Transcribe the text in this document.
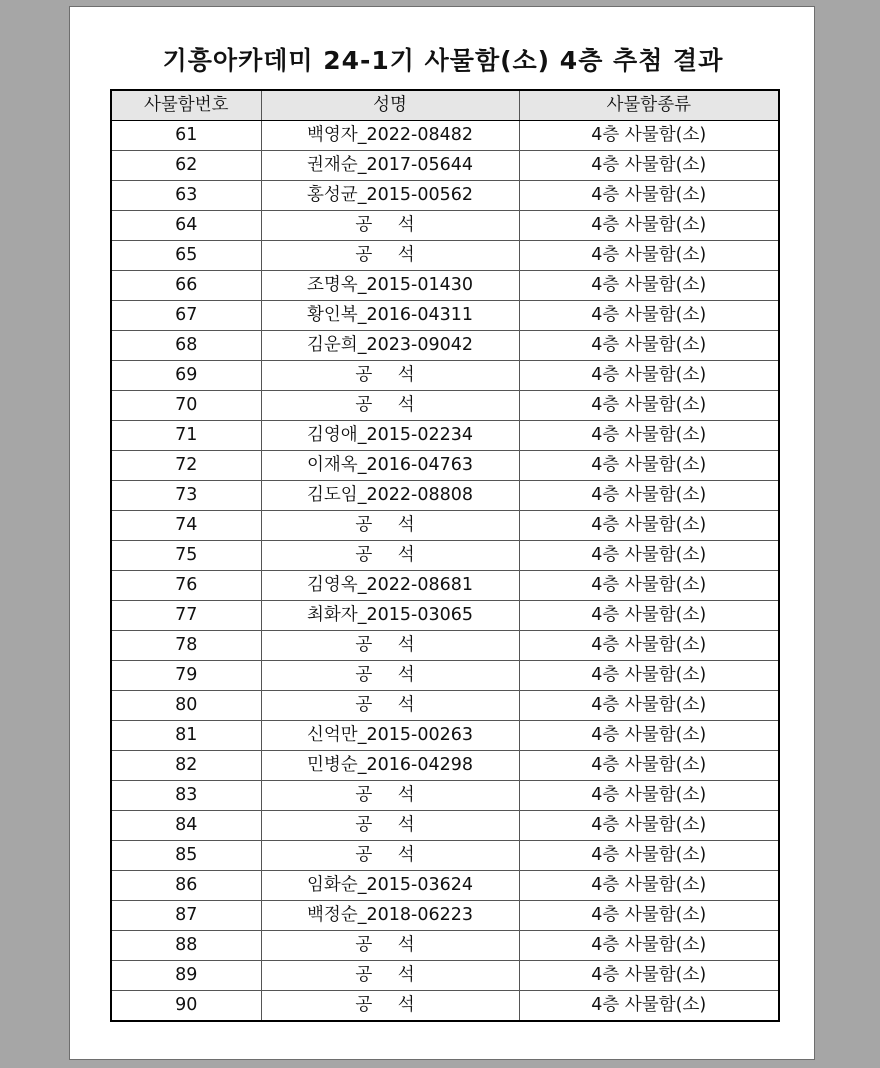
기흥아카데미 24-1기 사물함(소) 4층 추첨 결과
사물함번호	성명	사물함종류
61	백영자_2022-08482	4층 사물함(소)
62	권재순_2017-05644	4층 사물함(소)
63	홍성균_2015-00562	4층 사물함(소)
64	공 석	4층 사물함(소)
65	공 석	4층 사물함(소)
66	조명옥_2015-01430	4층 사물함(소)
67	황인복_2016-04311	4층 사물함(소)
68	김운희_2023-09042	4층 사물함(소)
69	공 석	4층 사물함(소)
70	공 석	4층 사물함(소)
71	김영애_2015-02234	4층 사물함(소)
72	이재옥_2016-04763	4층 사물함(소)
73	김도임_2022-08808	4층 사물함(소)
74	공 석	4층 사물함(소)
75	공 석	4층 사물함(소)
76	김영옥_2022-08681	4층 사물함(소)
77	최화자_2015-03065	4층 사물함(소)
78	공 석	4층 사물함(소)
79	공 석	4층 사물함(소)
80	공 석	4층 사물함(소)
81	신억만_2015-00263	4층 사물함(소)
82	민병순_2016-04298	4층 사물함(소)
83	공 석	4층 사물함(소)
84	공 석	4층 사물함(소)
85	공 석	4층 사물함(소)
86	임화순_2015-03624	4층 사물함(소)
87	백정순_2018-06223	4층 사물함(소)
88	공 석	4층 사물함(소)
89	공 석	4층 사물함(소)
90	공 석	4층 사물함(소)
